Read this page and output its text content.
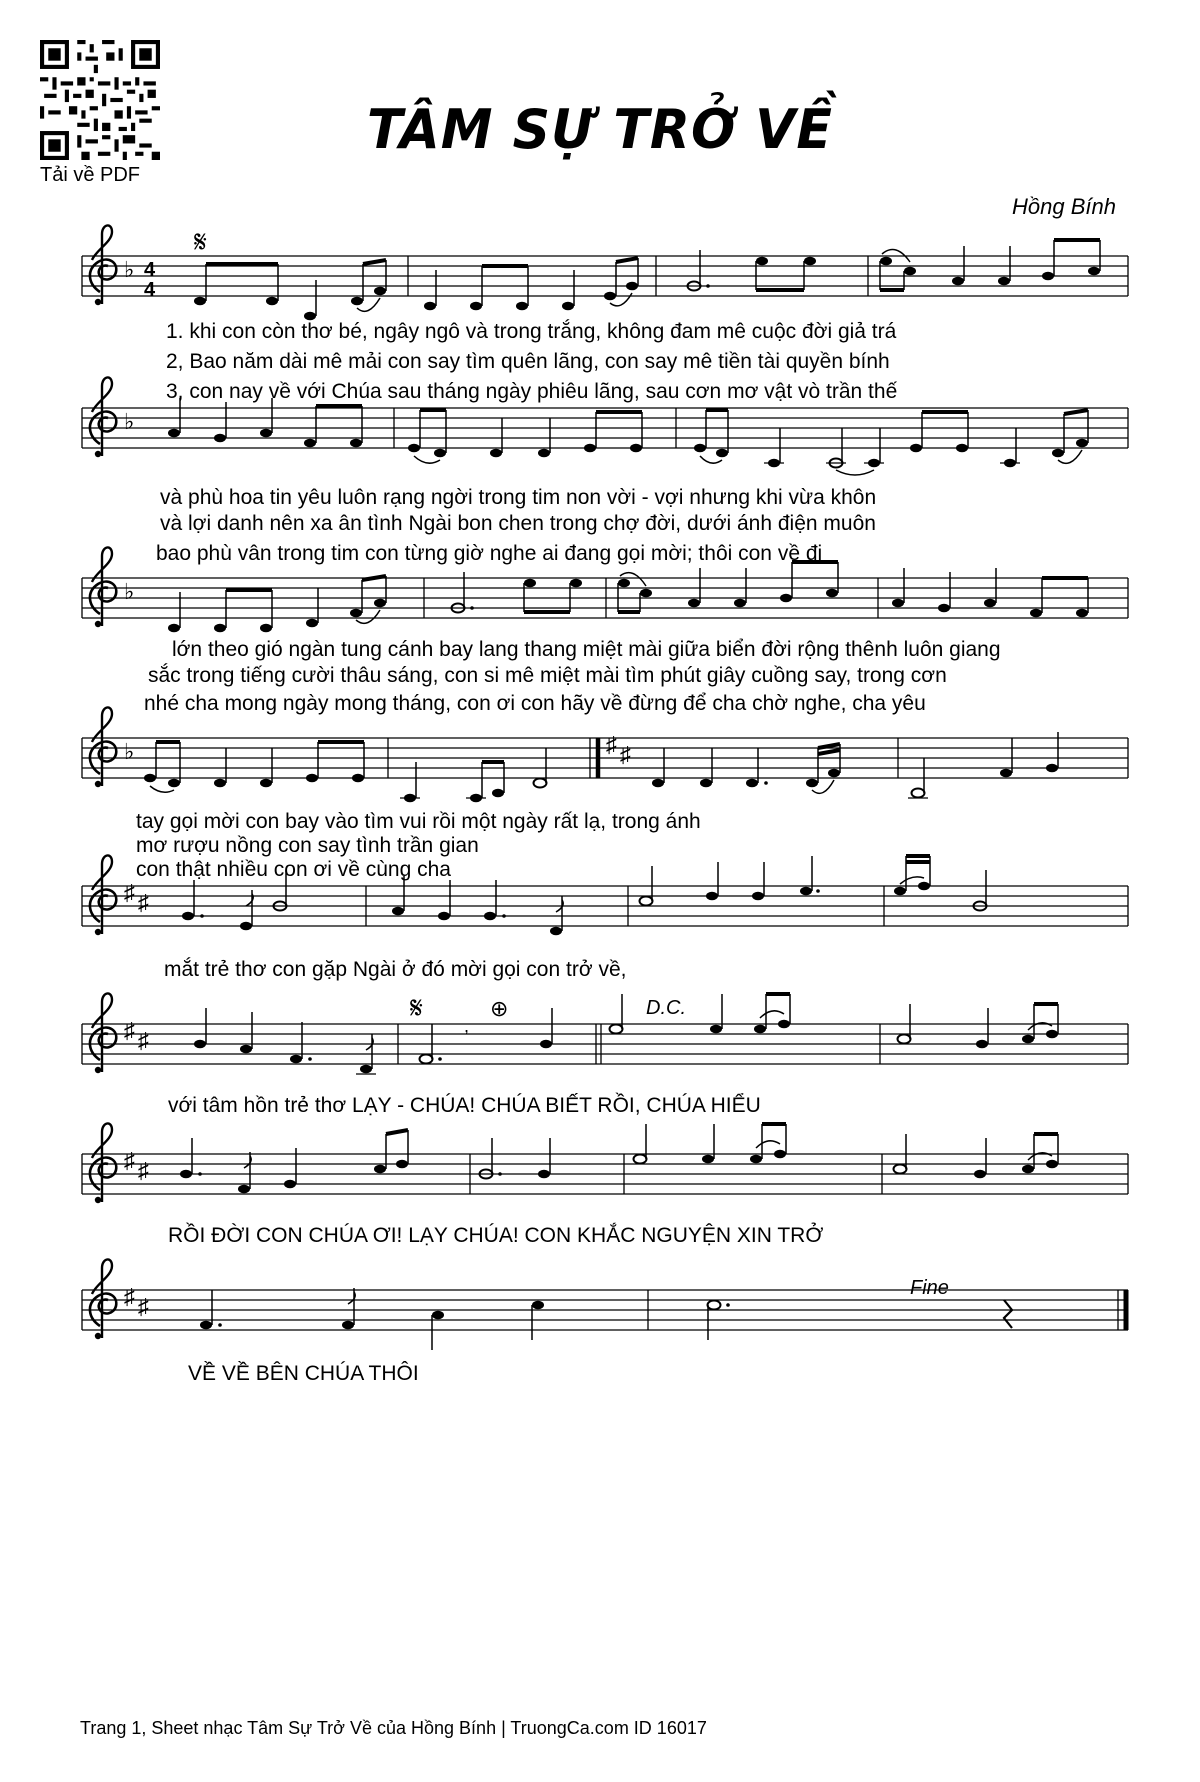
Tải về PDF
TÂM SỰ TRỞ VỀ
Hồng Bính
♭ 4
4
𝄋
1. khi con còn thơ bé, ngây ngô và trong trắng, không đam mê cuộc đời giả trá
2, Bao năm dài mê mải con say tìm quên lãng, con say mê tiền tài quyền bính
3, con nay về với Chúa sau tháng ngày phiêu lãng, sau cơn mơ vật vò trần thế
♭
và phù hoa tin yêu luôn rạng ngời trong tim non vời - vợi nhưng khi vừa khôn
và lợi danh nên xa ân tình Ngài bon chen trong chợ đời, dưới ánh điện muôn
bao phù vân trong tim con từng giờ nghe ai đang gọi mời; thôi con về đi
♭
lớn theo gió ngàn tung cánh bay lang thang miệt mài giữa biển đời rộng thênh luôn giang
sắc trong tiếng cười thâu sáng, con si mê miệt mài tìm phút giây cuồng say, trong cơn
nhé cha mong ngày mong tháng, con ơi con hãy về đừng để cha chờ nghe, cha yêu
♭	♯ ♯
tay gọi mời con bay vào tìm vui rồi một ngày rất lạ, trong ánh
mơ rượu nồng con say tình trần gian
con thật nhiều con ơi về cùng cha
♯ ♯
mắt trẻ thơ con gặp Ngài ở đó mời gọi con trở về,
♯ ♯
𝄋	⊕	D.C.
,
với tâm hồn trẻ thơ LẠY - CHÚA! CHÚA BIẾT RỒI, CHÚA HIỂU
♯ ♯
RỒI ĐỜI CON CHÚA ƠI! LẠY CHÚA! CON KHẮC NGUYỆN XIN TRỞ
♯ ♯
Fine
VỀ VỀ BÊN CHÚA THÔI
Trang 1, Sheet nhạc Tâm Sự Trở Về của Hồng Bính | TruongCa.com ID 16017
